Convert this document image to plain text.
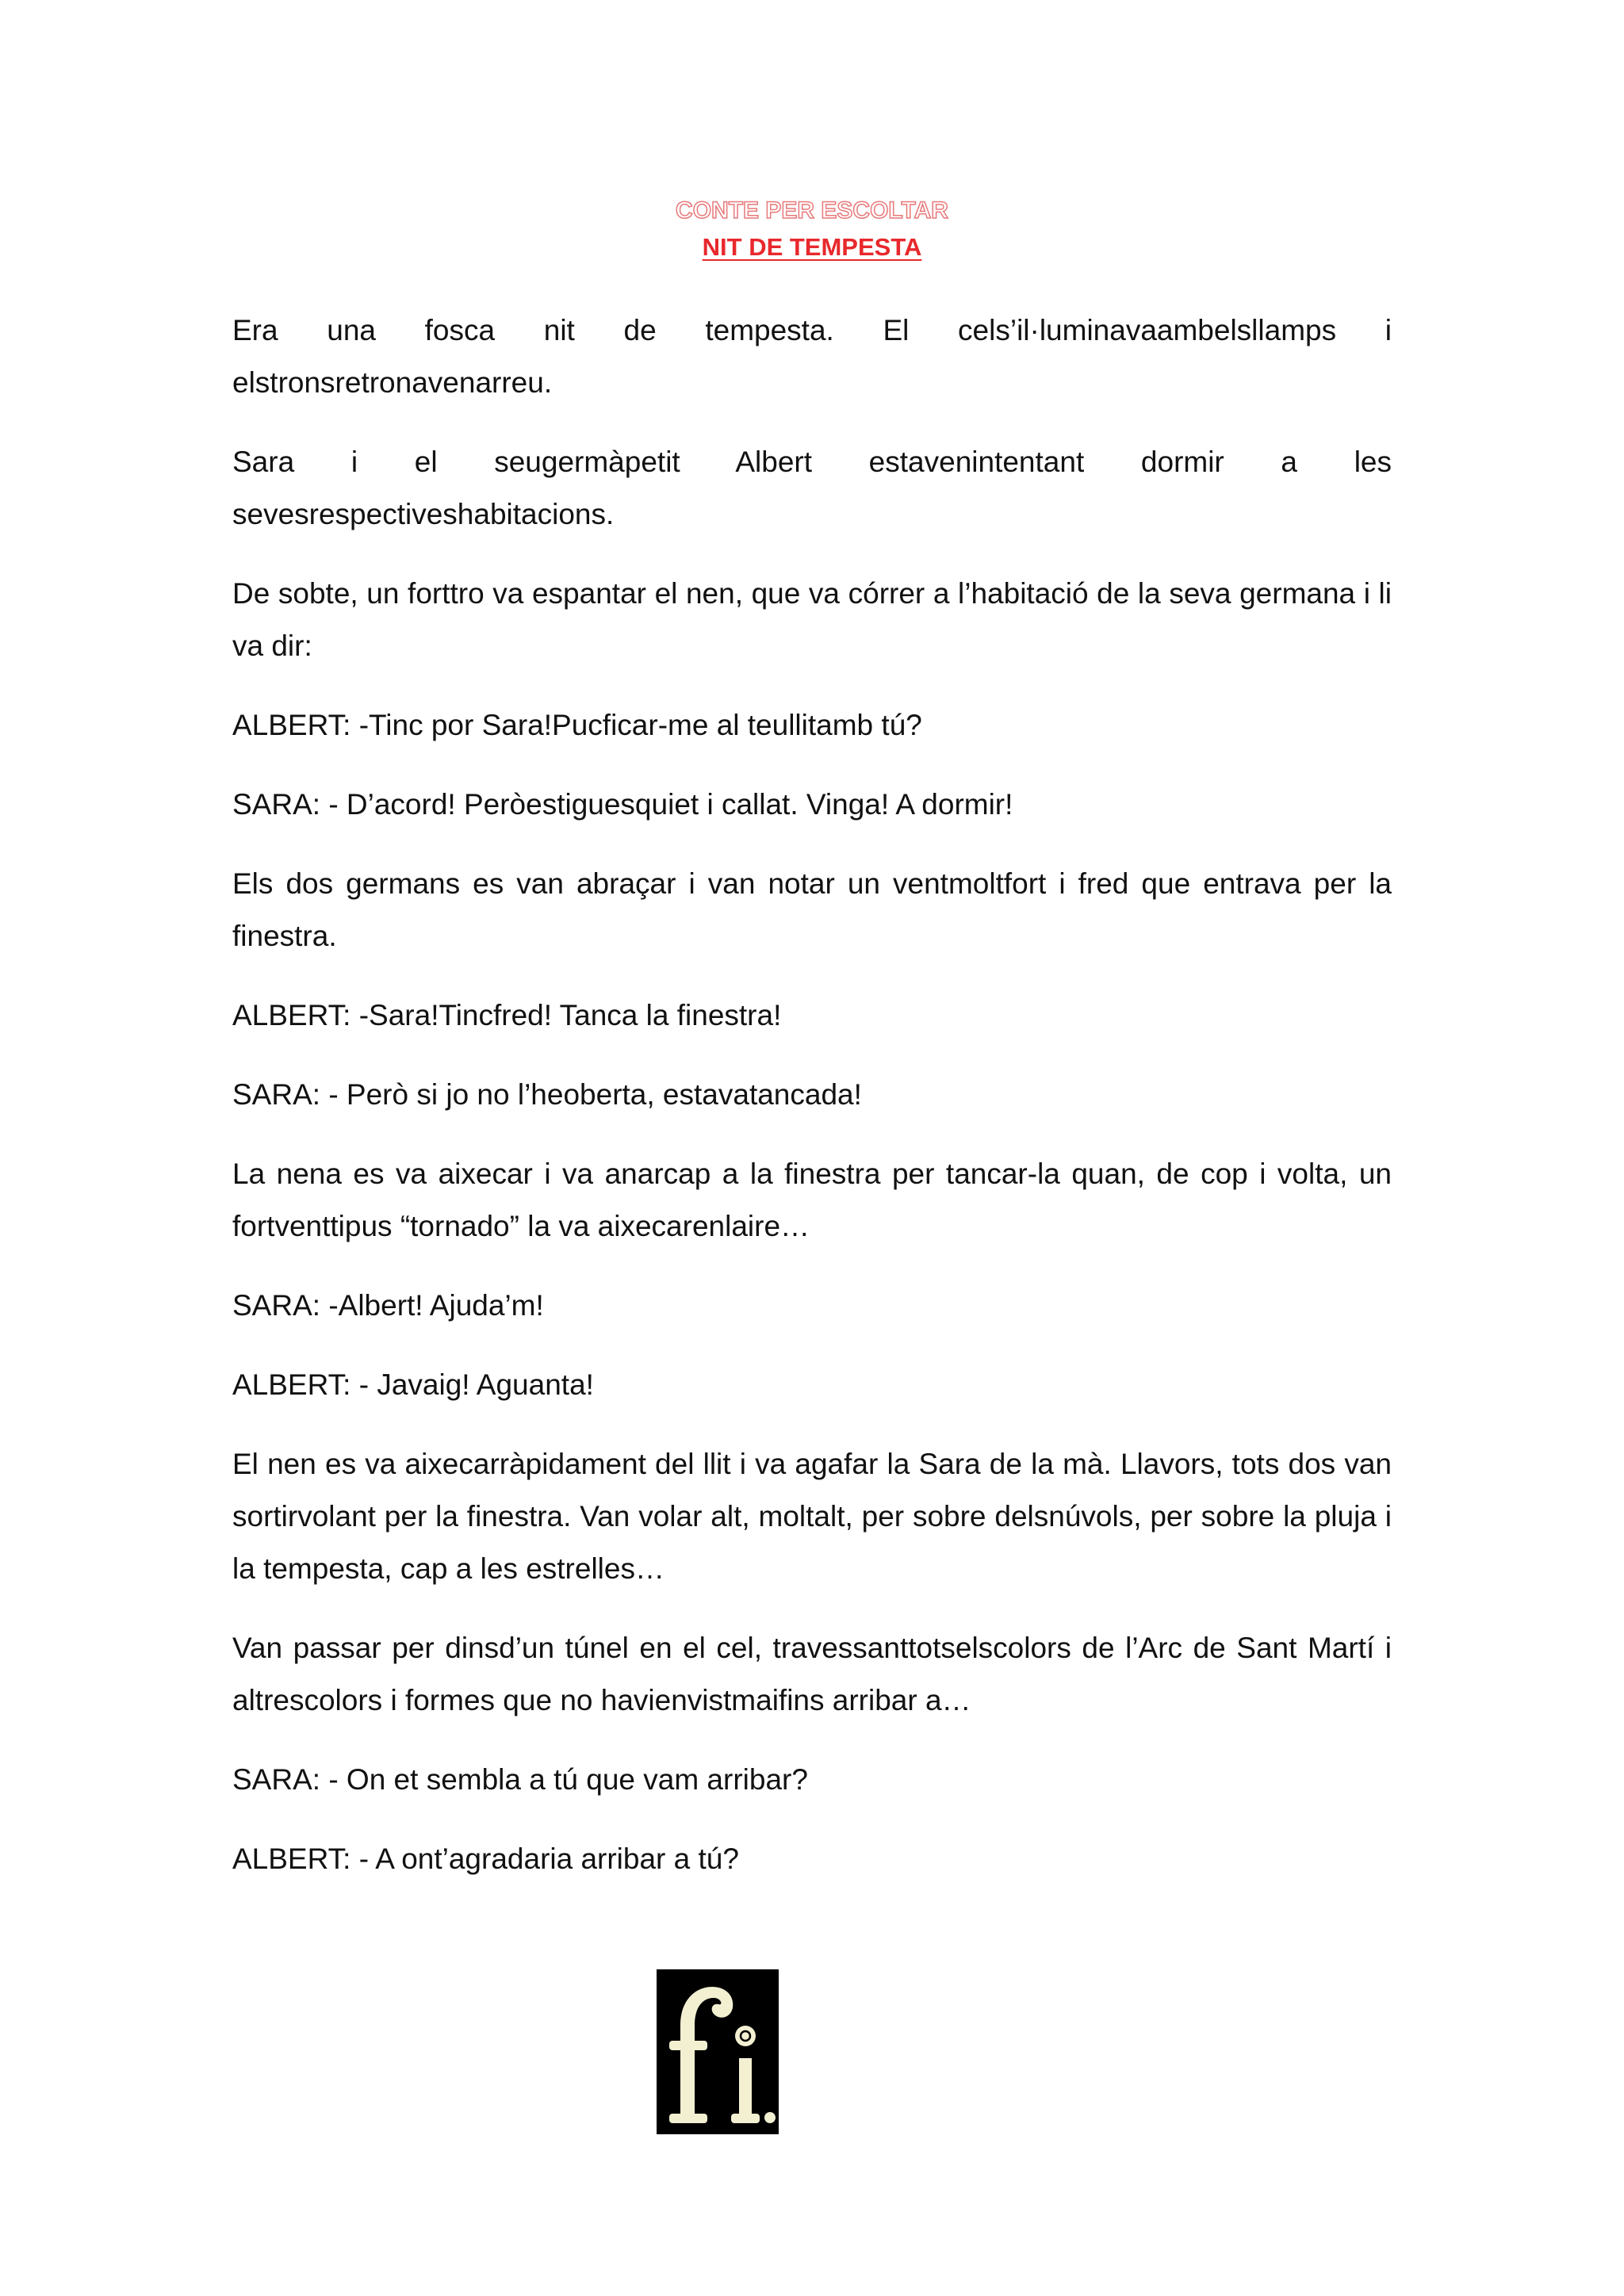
CONTE PER ESCOLTAR
NIT DE TEMPESTA

Era una fosca nit de tempesta. El cels’il·luminavaambelsllamps i

elstronsretronavenarreu.

Sara i el seugermàpetit Albert estavenintentant dormir a les

sevesrespectiveshabitacions.

De sobte, un forttro va espantar el nen, que va córrer a l’habitació de la seva germana i li va dir:

ALBERT: -Tinc por Sara!Pucficar-me al teullitamb tú?

SARA: - D’acord! Peròestiguesquiet i callat. Vinga! A dormir!

Els dos germans es van abraçar i van notar un ventmoltfort i fred que entrava per la finestra.

ALBERT: -Sara!Tincfred! Tanca la finestra!

SARA: - Però si jo no l’heoberta, estavatancada!

La nena es va aixecar i va anarcap a la finestra per tancar-la quan, de cop i volta, un fortventtipus “tornado” la va aixecarenlaire…

SARA: -Albert! Ajuda’m!

ALBERT: - Javaig! Aguanta!

El nen es va aixecarràpidament del llit i va agafar la Sara de la mà. Llavors, tots dos van sortirvolant per la finestra. Van volar alt, moltalt, per sobre delsnúvols, per sobre la pluja i la tempesta, cap a les estrelles…

Van passar per dinsd’un túnel en el cel, travessanttotselscolors de l’Arc de Sant Martí i altrescolors i formes que no havienvistmaifins arribar a…

SARA: - On et sembla a tú que vam arribar?

ALBERT: - A ont’agradaria arribar a tú?
